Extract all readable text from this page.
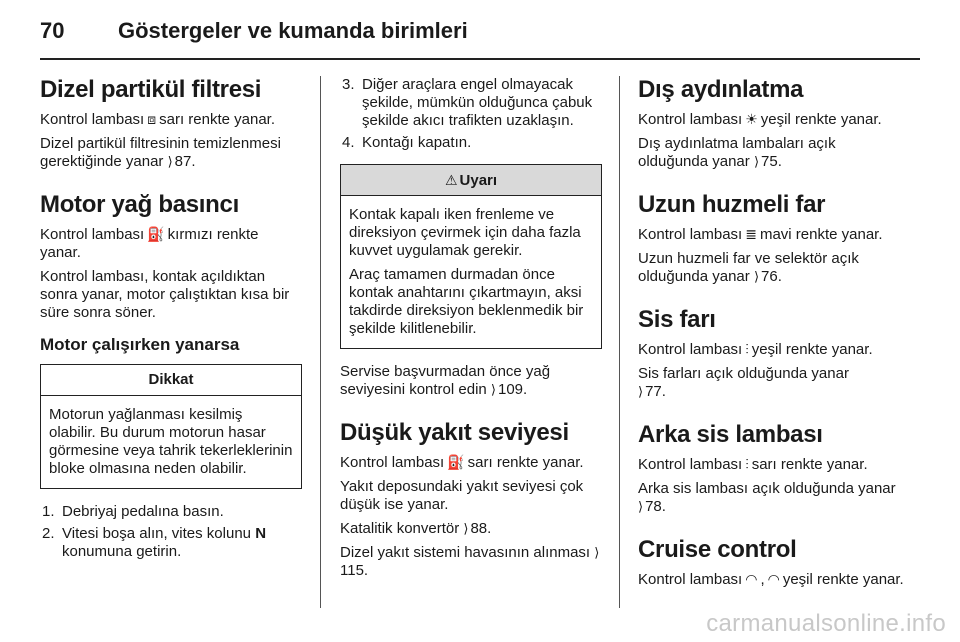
70 Göstergeler ve kumanda birimleri
Dizel partikül filtresi

Kontrol lambası ⧈ sarı renkte yanar.

Dizel partikül filtresinin temizlenmesi gerektiğinde yanar ⟩ 87.

Motor yağ basıncı

Kontrol lambası ⛽ kırmızı renkte yanar.

Kontrol lambası, kontak açıldıktan sonra yanar, motor çalıştıktan kısa bir süre sonra söner.

Motor çalışırken yanarsa
Dikkat

Motorun yağlanması kesilmiş olabilir. Bu durum motorun hasar görmesine veya tahrik tekerleklerinin bloke olmasına neden olabilir.

1. Debriyaj pedalına basın.
2. Vitesi boşa alın, vites kolunu N konumuna getirin.
3. Diğer araçlara engel olmayacak şekilde, mümkün olduğunca çabuk şekilde akıcı trafikten uzaklaşın.
4. Kontağı kapatın.
⚠ Uyarı

Kontak kapalı iken frenleme ve direksiyon çevirmek için daha fazla kuvvet uygulamak gerekir.

Araç tamamen durmadan önce kontak anahtarını çıkartmayın, aksi takdirde direksiyon beklenmedik bir şekilde kilitlenebilir.

Servise başvurmadan önce yağ seviyesini kontrol edin ⟩ 109.

Düşük yakıt seviyesi

Kontrol lambası ⛽ sarı renkte yanar.

Yakıt deposundaki yakıt seviyesi çok düşük ise yanar.

Katalitik konvertör ⟩ 88.

Dizel yakıt sistemi havasının alınması ⟩115.

Dış aydınlatma

Kontrol lambası ☀ yeşil renkte yanar.

Dış aydınlatma lambaları açık olduğunda yanar ⟩ 75.

Uzun huzmeli far

Kontrol lambası ≣ mavi renkte yanar.

Uzun huzmeli far ve selektör açık olduğunda yanar ⟩ 76.

Sis farı

Kontrol lambası ⫶ yeşil renkte yanar.

Sis farları açık olduğunda yanar
⟩ 77.

Arka sis lambası

Kontrol lambası ⫶ sarı renkte yanar.

Arka sis lambası açık olduğunda yanar ⟩ 78.

Cruise control

Kontrol lambası ◠ , ◠ yeşil renkte yanar.

carmanualsonline.info
